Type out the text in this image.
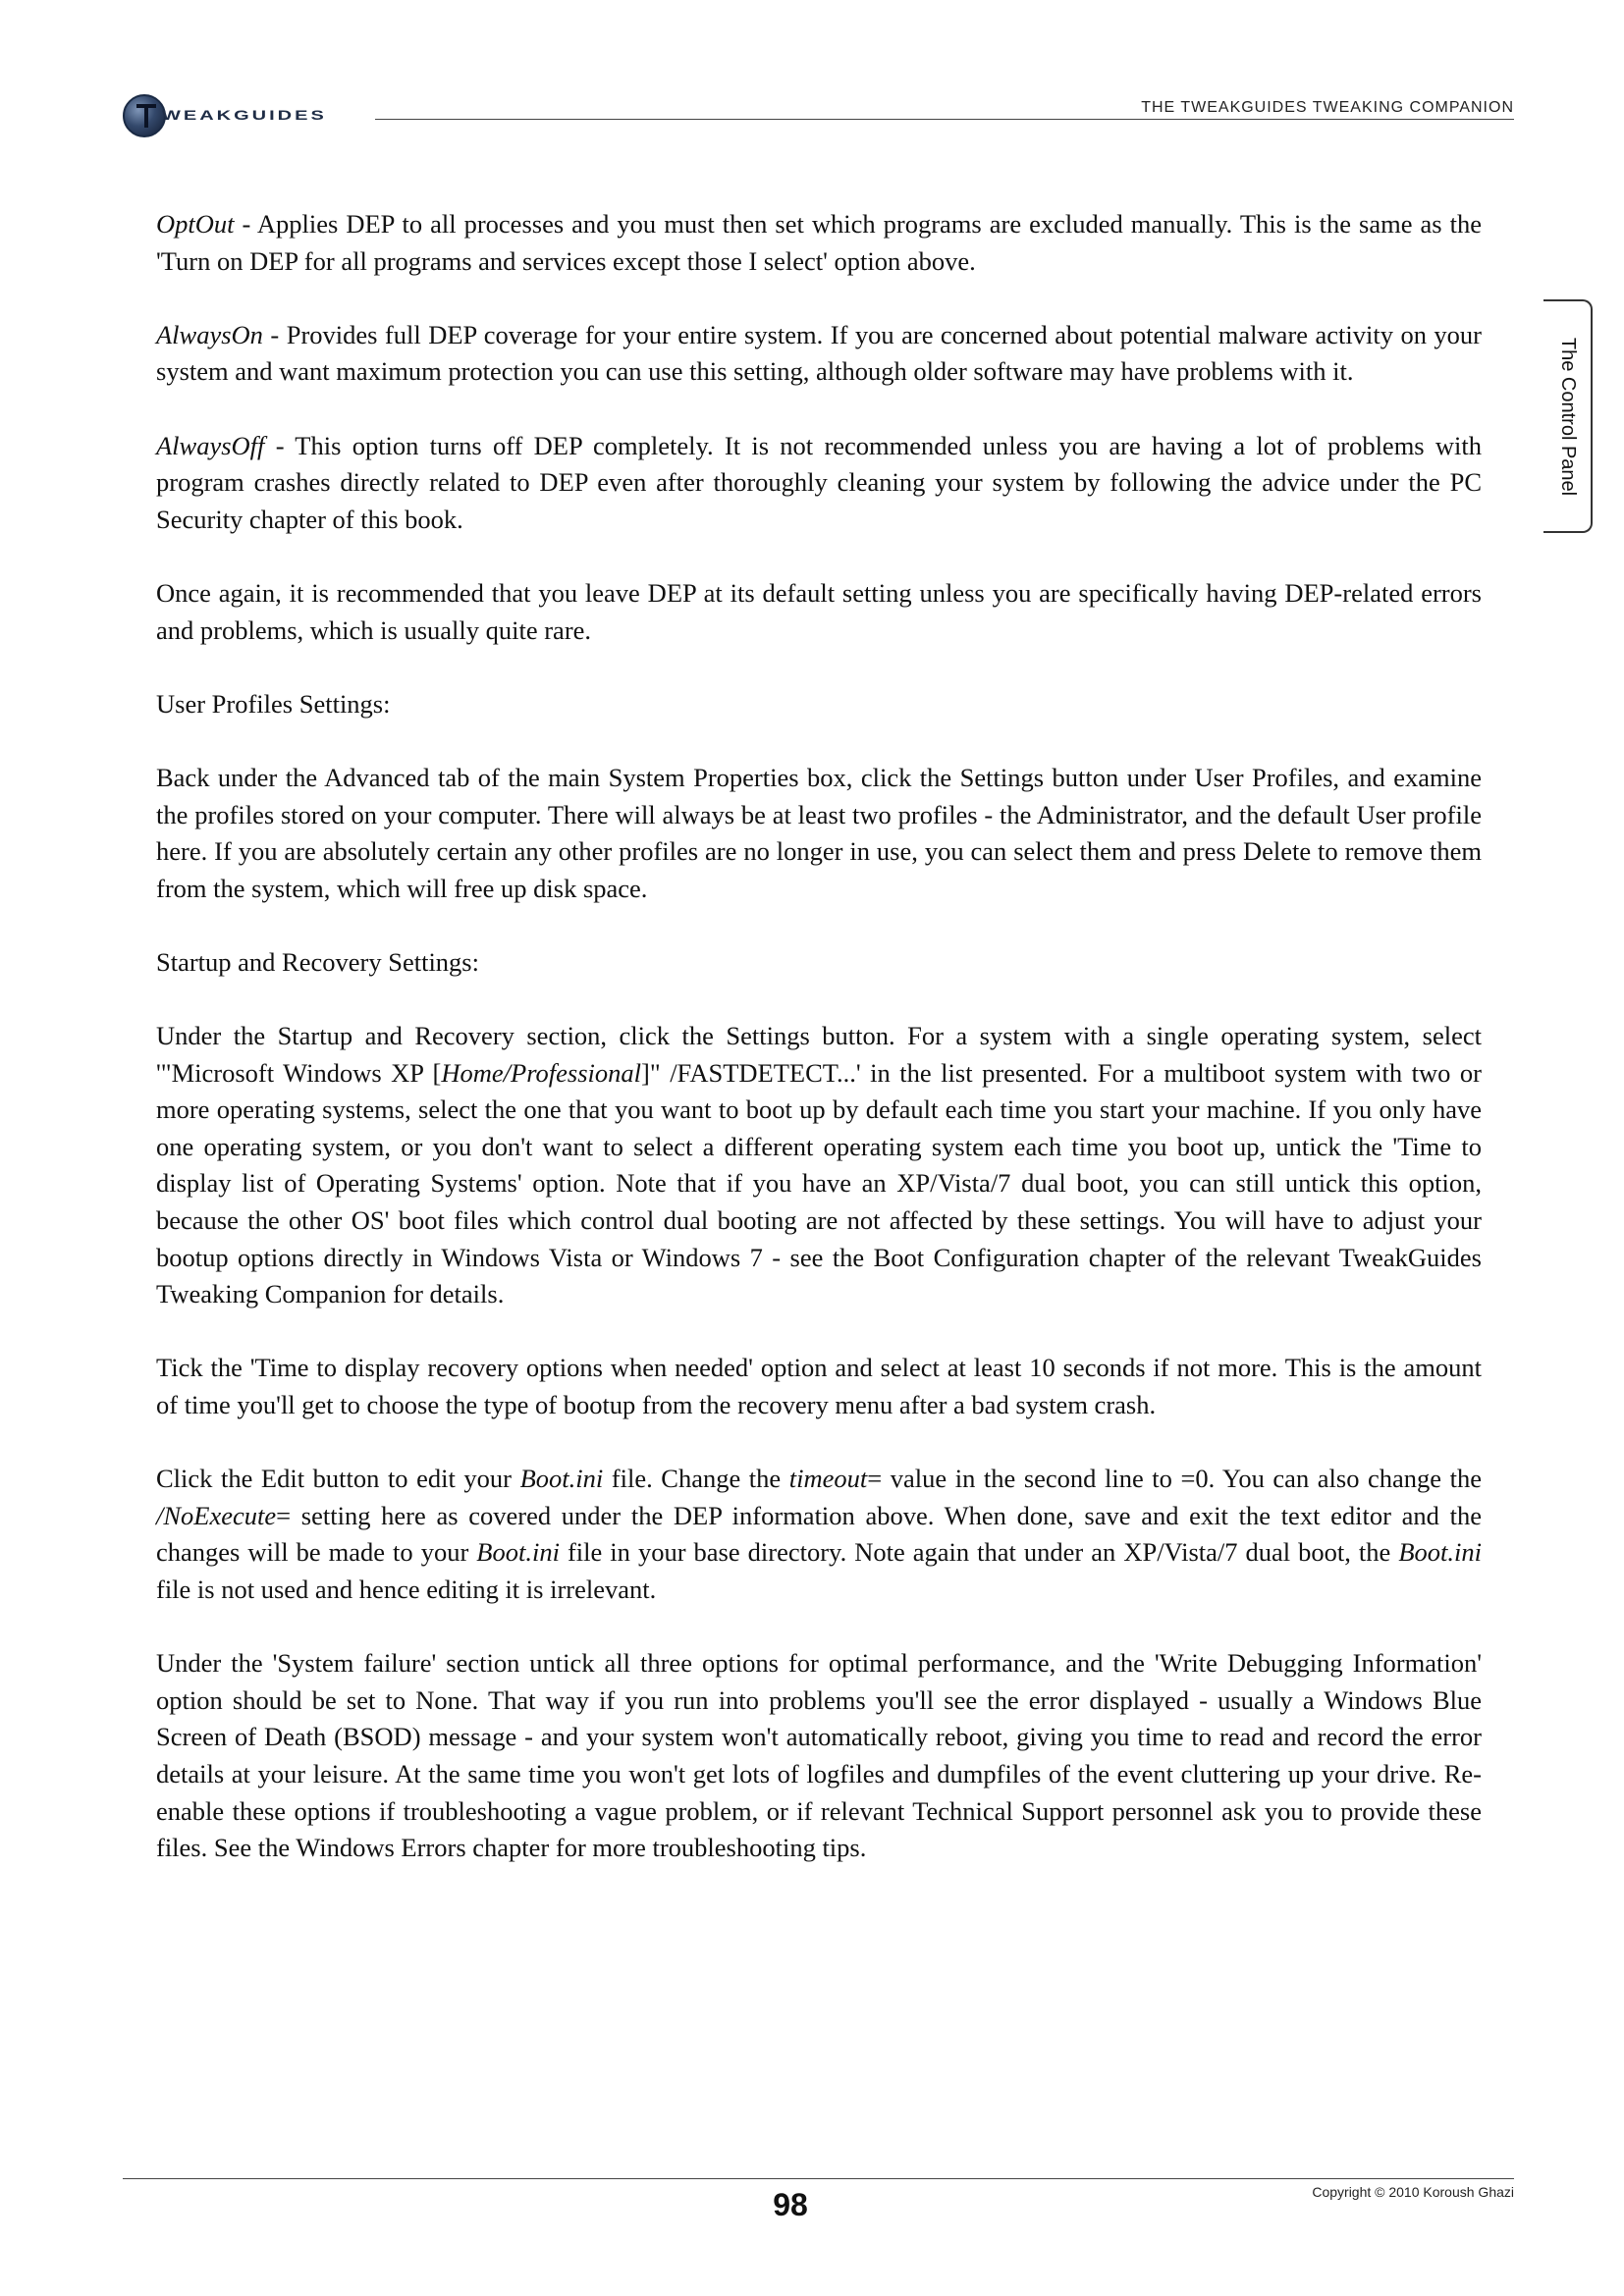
WEAKGUIDES	THE TWEAKGUIDES TWEAKING COMPANION
The Control Panel

OptOut - Applies DEP to all processes and you must then set which programs are excluded manually. This is the same as the 'Turn on DEP for all programs and services except those I select' option above.

AlwaysOn - Provides full DEP coverage for your entire system. If you are concerned about potential malware activity on your system and want maximum protection you can use this setting, although older software may have problems with it.

AlwaysOff - This option turns off DEP completely. It is not recommended unless you are having a lot of problems with program crashes directly related to DEP even after thoroughly cleaning your system by following the advice under the PC Security chapter of this book.

Once again, it is recommended that you leave DEP at its default setting unless you are specifically having DEP-related errors and problems, which is usually quite rare.

User Profiles Settings:

Back under the Advanced tab of the main System Properties box, click the Settings button under User Profiles, and examine the profiles stored on your computer. There will always be at least two profiles - the Administrator, and the default User profile here. If you are absolutely certain any other profiles are no longer in use, you can select them and press Delete to remove them from the system, which will free up disk space.

Startup and Recovery Settings:

Under the Startup and Recovery section, click the Settings button. For a system with a single operating system, select '"Microsoft Windows XP [Home/Professional]" /FASTDETECT...' in the list presented. For a multiboot system with two or more operating systems, select the one that you want to boot up by default each time you start your machine. If you only have one operating system, or you don't want to select a different operating system each time you boot up, untick the 'Time to display list of Operating Systems' option. Note that if you have an XP/Vista/7 dual boot, you can still untick this option, because the other OS' boot files which control dual booting are not affected by these settings. You will have to adjust your bootup options directly in Windows Vista or Windows 7 - see the Boot Configuration chapter of the relevant TweakGuides Tweaking Companion for details.

Tick the 'Time to display recovery options when needed' option and select at least 10 seconds if not more. This is the amount of time you'll get to choose the type of bootup from the recovery menu after a bad system crash.

Click the Edit button to edit your Boot.ini file. Change the timeout= value in the second line to =0. You can also change the /NoExecute= setting here as covered under the DEP information above. When done, save and exit the text editor and the changes will be made to your Boot.ini file in your base directory. Note again that under an XP/Vista/7 dual boot, the Boot.ini file is not used and hence editing it is irrelevant.

Under the 'System failure' section untick all three options for optimal performance, and the 'Write Debugging Information' option should be set to None. That way if you run into problems you'll see the error displayed - usually a Windows Blue Screen of Death (BSOD) message - and your system won't automatically reboot, giving you time to read and record the error details at your leisure. At the same time you won't get lots of logfiles and dumpfiles of the event cluttering up your drive. Re-enable these options if troubleshooting a vague problem, or if relevant Technical Support personnel ask you to provide these files. See the Windows Errors chapter for more troubleshooting tips.

98	Copyright © 2010 Koroush Ghazi
